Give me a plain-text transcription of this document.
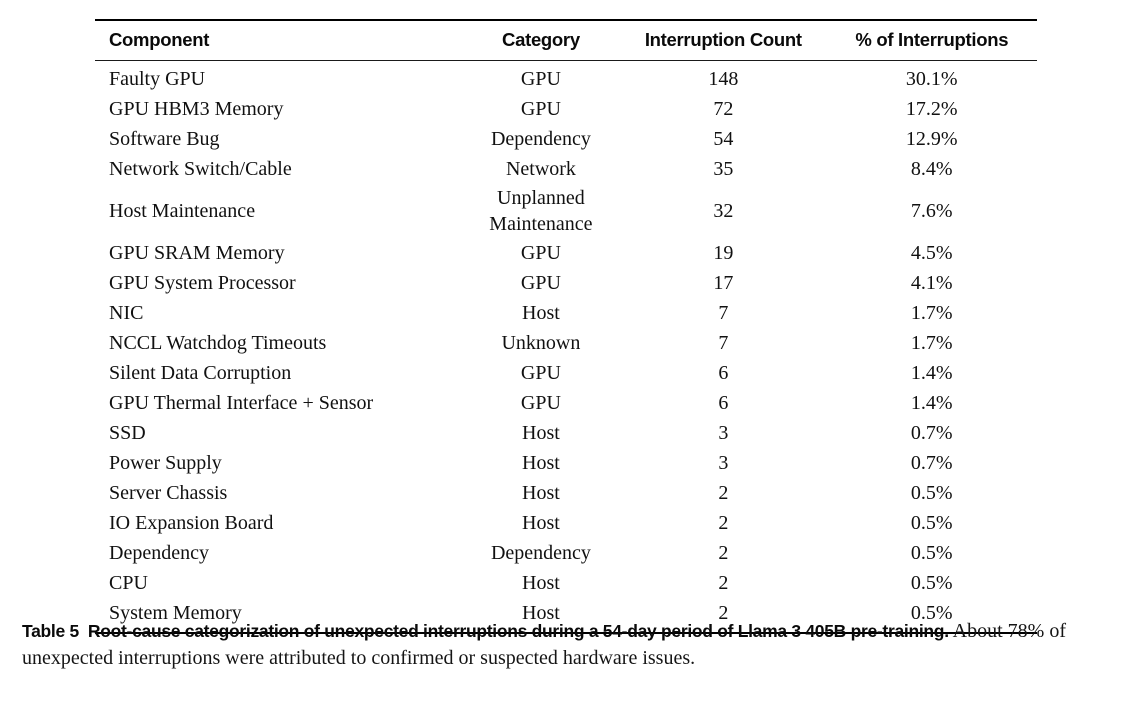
Component	Category	Interruption Count	% of Interruptions
Faulty GPU	GPU	148	30.1%
GPU HBM3 Memory	GPU	72	17.2%
Software Bug	Dependency	54	12.9%
Network Switch/Cable	Network	35	8.4%
Host Maintenance	Unplanned Maintenance	32	7.6%
GPU SRAM Memory	GPU	19	4.5%
GPU System Processor	GPU	17	4.1%
NIC	Host	7	1.7%
NCCL Watchdog Timeouts	Unknown	7	1.7%
Silent Data Corruption	GPU	6	1.4%
GPU Thermal Interface + Sensor	GPU	6	1.4%
SSD	Host	3	0.7%
Power Supply	Host	3	0.7%
Server Chassis	Host	2	0.5%
IO Expansion Board	Host	2	0.5%
Dependency	Dependency	2	0.5%
CPU	Host	2	0.5%
System Memory	Host	2	0.5%

Table 5 Root-cause categorization of unexpected interruptions during a 54-day period of Llama 3 405B pre-training. About 78% of unexpected interruptions were attributed to confirmed or suspected hardware issues.
